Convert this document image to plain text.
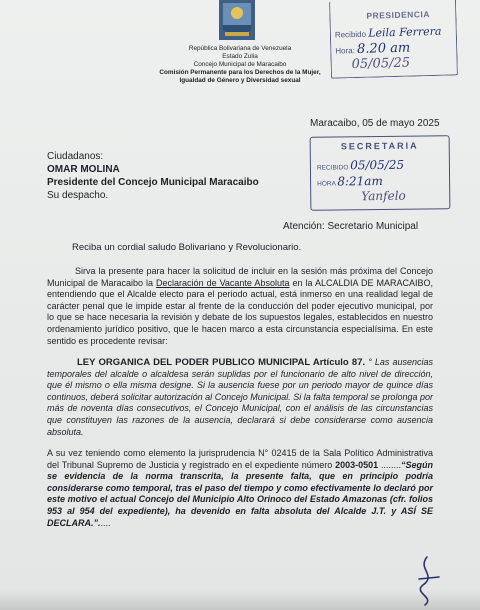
República Bolivariana de Venezuela
Estado Zulia
Concejo Municipal de Maracaibo
Comisión Permanente para los Derechos de la Mujer,
Igualdad de Género y Diversidad sexual
PRESIDENCIA
Recibido Leila Ferrera
Hora: 8.20 am
05/05/25
Maracaibo, 05 de mayo 2025
SECRETARIA
RECIBIDO 05/05/25
HORA 8:21am
Yanfelo
Ciudadanos:
OMAR MOLINA
Presidente del Concejo Municipal Maracaibo
Su despacho.
Atención: Secretario Municipal
Reciba un cordial saludo Bolivariano y Revolucionario.
Sirva la presente para hacer la solicitud de incluir en la sesión más próxima del Concejo Municipal de Maracaibo la Declaración de Vacante Absoluta en la ALCALDIA DE MARACAIBO, entendiendo que el Alcalde electo para el periodo actual, está inmerso en una realidad legal de carácter penal que le impide estar al frente de la conducción del poder ejecutivo municipal, por lo que se hace necesaria la revisión y debate de los supuestos legales, establecidos en nuestro ordenamiento jurídico positivo, que le hacen marco a esta circunstancia especialísima. En este sentido es procedente revisar:
LEY ORGANICA DEL PODER PUBLICO MUNICIPAL Artículo 87. ° Las ausencias temporales del alcalde o alcaldesa serán suplidas por el funcionario de alto nivel de dirección, que él mismo o ella misma designe. Si la ausencia fuese por un periodo mayor de quince días continuos, deberá solicitar autorización al Concejo Municipal. Si la falta temporal se prolonga por más de noventa días consecutivos, el Concejo Municipal, con el análisis de las circunstancias que constituyen las razones de la ausencia, declarará si debe considerarse como ausencia absoluta.
A su vez teniendo como elemento la jurisprudencia N° 02415 de la Sala Político Administrativa del Tribunal Supremo de Justicia y registrado en el expediente número 2003-0501 ........“Según se evidencia de la norma transcrita, la presente falta, que en principio podría considerarse como temporal, tras el paso del tiempo y como efectivamente lo declaró por este motivo el actual Concejo del Municipio Alto Orinoco del Estado Amazonas (cfr. folios 953 al 954 del expediente), ha devenido en falta absoluta del Alcalde J.T. y ASÍ SE DECLARA.”.....
